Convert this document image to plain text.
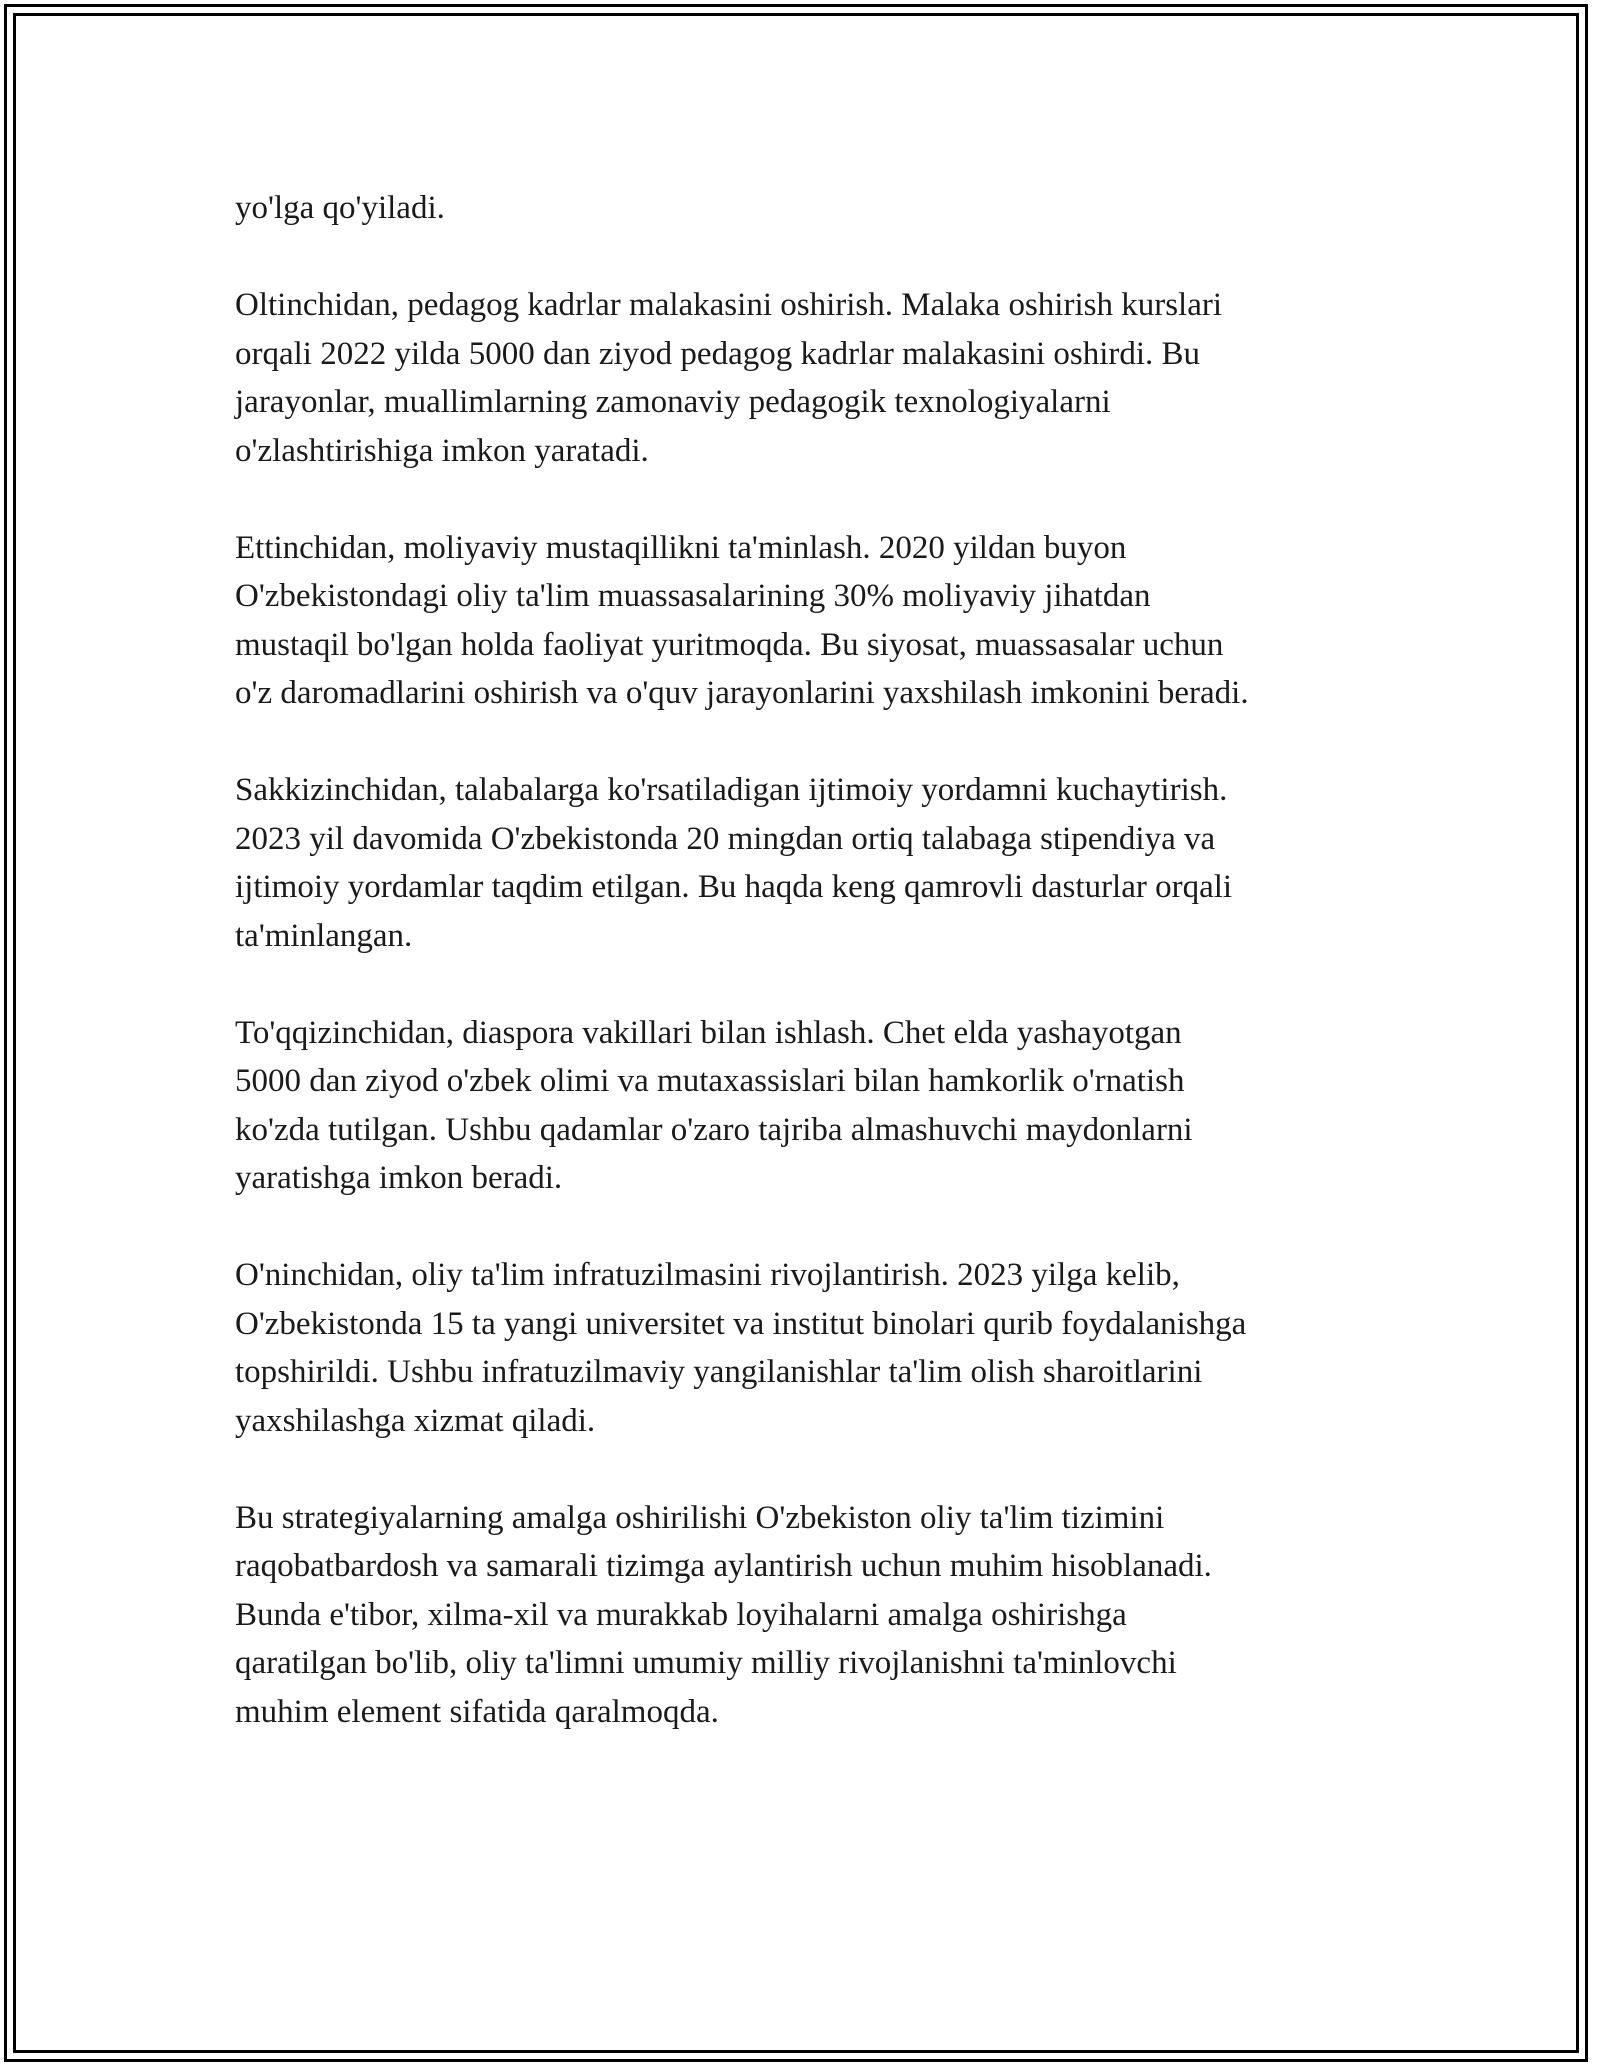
yo'lga qo'yiladi.

Oltinchidan, pedagog kadrlar malakasini oshirish. Malaka oshirish kurslari
orqali 2022 yilda 5000 dan ziyod pedagog kadrlar malakasini oshirdi. Bu
jarayonlar, muallimlarning zamonaviy pedagogik texnologiyalarni
o'zlashtirishiga imkon yaratadi.

Ettinchidan, moliyaviy mustaqillikni ta'minlash. 2020 yildan buyon
O'zbekistondagi oliy ta'lim muassasalarining 30% moliyaviy jihatdan
mustaqil bo'lgan holda faoliyat yuritmoqda. Bu siyosat, muassasalar uchun
o'z daromadlarini oshirish va o'quv jarayonlarini yaxshilash imkonini beradi.

Sakkizinchidan, talabalarga ko'rsatiladigan ijtimoiy yordamni kuchaytirish.
2023 yil davomida O'zbekistonda 20 mingdan ortiq talabaga stipendiya va
ijtimoiy yordamlar taqdim etilgan. Bu haqda keng qamrovli dasturlar orqali
ta'minlangan.

To'qqizinchidan, diaspora vakillari bilan ishlash. Chet elda yashayotgan
5000 dan ziyod o'zbek olimi va mutaxassislari bilan hamkorlik o'rnatish
ko'zda tutilgan. Ushbu qadamlar o'zaro tajriba almashuvchi maydonlarni
yaratishga imkon beradi.

O'ninchidan, oliy ta'lim infratuzilmasini rivojlantirish. 2023 yilga kelib,
O'zbekistonda 15 ta yangi universitet va institut binolari qurib foydalanishga
topshirildi. Ushbu infratuzilmaviy yangilanishlar ta'lim olish sharoitlarini
yaxshilashga xizmat qiladi.

Bu strategiyalarning amalga oshirilishi O'zbekiston oliy ta'lim tizimini
raqobatbardosh va samarali tizimga aylantirish uchun muhim hisoblanadi.
Bunda e'tibor, xilma-xil va murakkab loyihalarni amalga oshirishga
qaratilgan bo'lib, oliy ta'limni umumiy milliy rivojlanishni ta'minlovchi
muhim element sifatida qaralmoqda.
